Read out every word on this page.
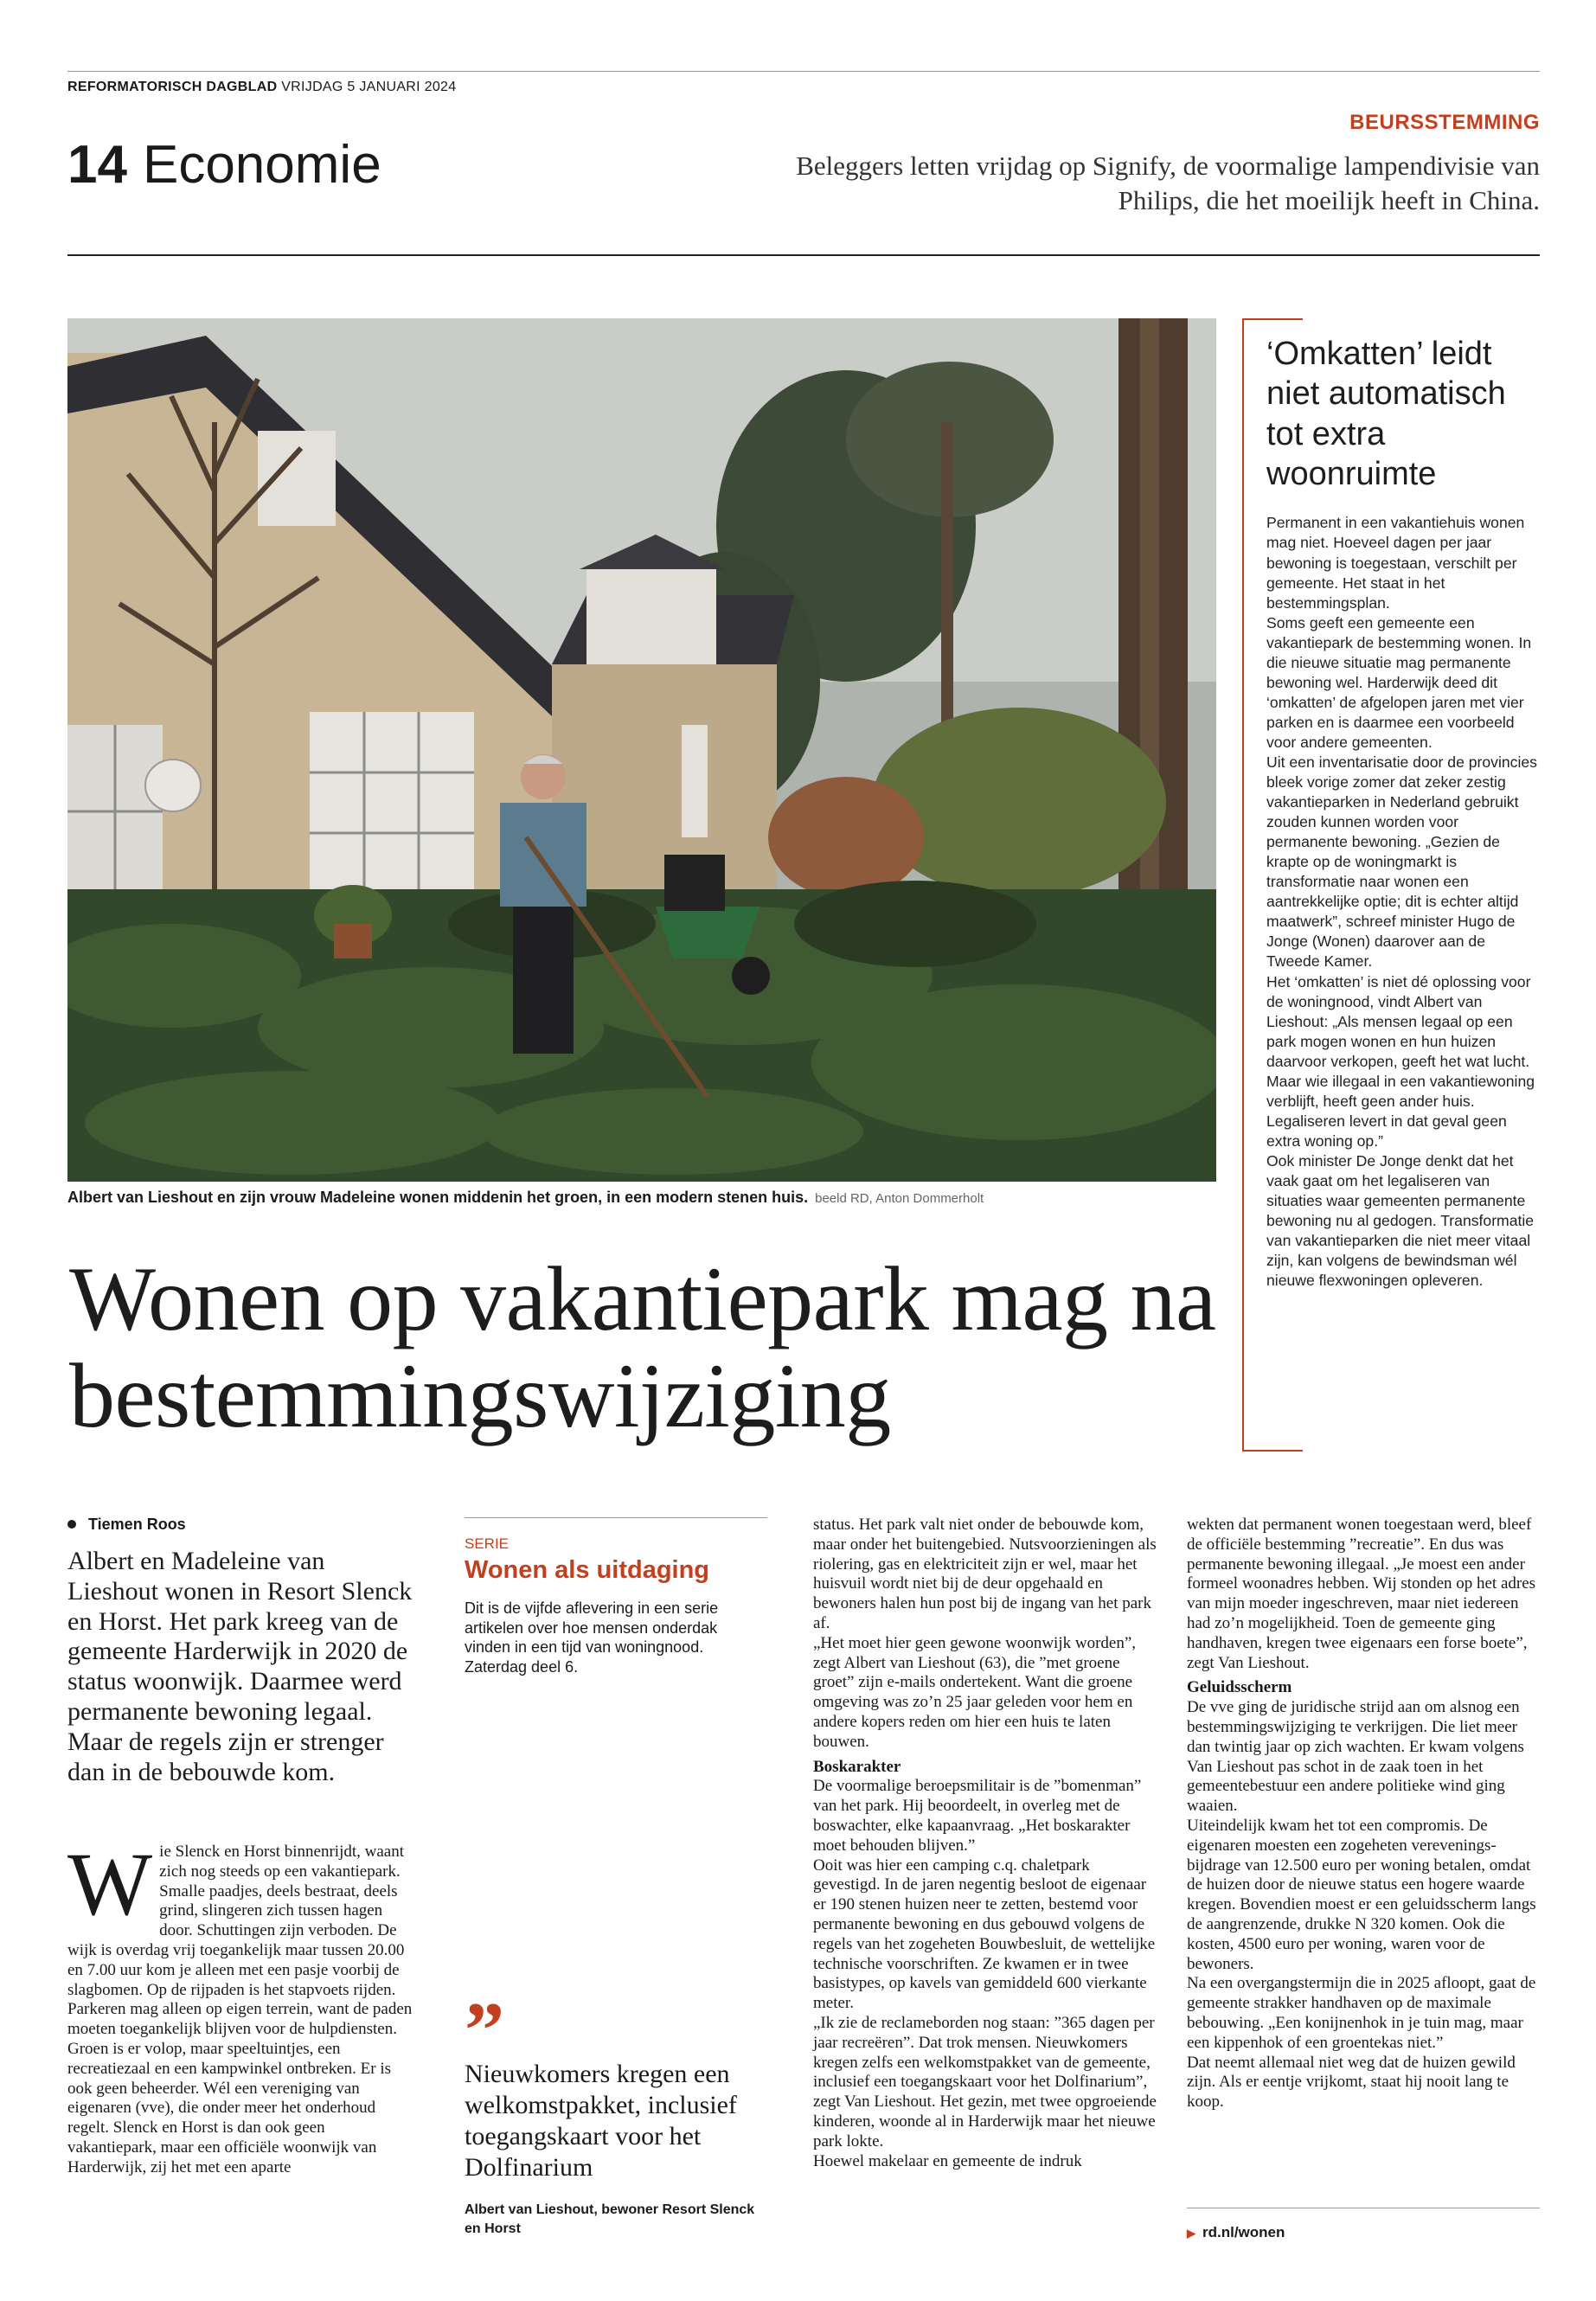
REFORMATORISCH DAGBLAD VRIJDAG 5 JANUARI 2024
14 Economie
BEURSSTEMMING
Beleggers letten vrijdag op Signify, de voormalige lampendivisie van Philips, die het moeilijk heeft in China.
Albert van Lieshout en zijn vrouw Madeleine wonen middenin het groen, in een modern stenen huis. beeld RD, Anton Dommerholt
Wonen op vakantiepark mag na bestemmingswijziging
‘Omkatten’ leidt niet automatisch tot extra woonruimte

Permanent in een vakantiehuis wonen mag niet. Hoeveel dagen per jaar bewoning is toegestaan, verschilt per gemeente. Het staat in het bestemmingsplan.
Soms geeft een gemeente een vakantiepark de bestemming wonen. In die nieuwe situatie mag permanente bewoning wel. Harderwijk deed dit ‘omkatten’ de afgelopen jaren met vier parken en is daarmee een voorbeeld voor andere gemeenten.
Uit een inventarisatie door de provincies bleek vorige zomer dat zeker zestig vakantieparken in Nederland gebruikt zouden kunnen worden voor permanente bewoning. „Gezien de krapte op de woningmarkt is transformatie naar wonen een aantrekkelijke optie; dit is echter altijd maatwerk”, schreef minister Hugo de Jonge (Wonen) daarover aan de Tweede Kamer.
Het ‘omkatten’ is niet dé oplossing voor de woningnood, vindt Albert van Lieshout: „Als mensen legaal op een park mogen wonen en hun huizen daarvoor verkopen, geeft het wat lucht. Maar wie illegaal in een vakantiewoning verblijft, heeft geen ander huis. Legaliseren levert in dat geval geen extra woning op.”
Ook minister De Jonge denkt dat het vaak gaat om het legaliseren van situaties waar gemeenten permanente bewoning nu al gedogen. Transformatie van vakantieparken die niet meer vitaal zijn, kan volgens de bewindsman wél nieuwe flexwoningen opleveren.

Tiemen Roos
Albert en Madeleine van Lieshout wonen in Resort Slenck en Horst. Het park kreeg van de gemeente Harderwijk in 2020 de status woonwijk. Daarmee werd permanente bewoning legaal. Maar de regels zijn er strenger dan in de bebouwde kom.
Wie Slenck en Horst binnenrijdt, waant zich nog steeds op een vakantiepark. Smalle paadjes, deels bestraat, deels grind, slingeren zich tussen hagen door. Schuttingen zijn verboden. De wijk is overdag vrij toegankelijk maar tussen 20.00 en 7.00 uur kom je alleen met een pasje voorbij de slagbomen. Op de rijpaden is het stapvoets rijden. Parkeren mag alleen op eigen terrein, want de paden moeten toegankelijk blijven voor de hulpdiensten.
Groen is er volop, maar speeltuintjes, een recreatiezaal en een kampwinkel ontbreken. Er is ook geen beheerder. Wél een vereniging van eigenaren (vve), die onder meer het onderhoud regelt. Slenck en Horst is dan ook geen vakantiepark, maar een officiële woonwijk van Harderwijk, zij het met een aparte
SERIE
Wonen als uitdaging
Dit is de vijfde aflevering in een serie artikelen over hoe mensen onderdak vinden in een tijd van woningnood. Zaterdag deel 6.
”
Nieuwkomers kregen een welkomstpakket, inclusief toegangskaart voor het Dolfinarium
Albert van Lieshout, bewoner Resort Slenck en Horst
status. Het park valt niet onder de bebouwde kom, maar onder het buitengebied. Nutsvoorzieningen als riolering, gas en elektriciteit zijn er wel, maar het huisvuil wordt niet bij de deur opgehaald en bewoners halen hun post bij de ingang van het park af.
„Het moet hier geen gewone woonwijk worden”, zegt Albert van Lieshout (63), die ”met groene groet” zijn e-mails ondertekent. Want die groene omgeving was zo’n 25 jaar geleden voor hem en andere kopers reden om hier een huis te laten bouwen.

Boskarakter
De voormalige beroepsmilitair is de ”bomenman” van het park. Hij beoordeelt, in overleg met de boswachter, elke kapaanvraag. „Het boskarakter moet behouden blijven.”
Ooit was hier een camping c.q. chaletpark gevestigd. In de jaren negentig besloot de eigenaar er 190 stenen huizen neer te zetten, bestemd voor permanente bewoning en dus gebouwd volgens de regels van het zogeheten Bouwbesluit, de wettelijke technische voorschriften. Ze kwamen er in twee basistypes, op kavels van gemiddeld 600 vierkante meter.
„Ik zie de reclameborden nog staan: ”365 dagen per jaar recreëren”. Dat trok mensen. Nieuwkomers kregen zelfs een welkomstpakket van de gemeente, inclusief een toegangskaart voor het Dolfinarium”, zegt Van Lieshout. Het gezin, met twee opgroeiende kinderen, woonde al in Harderwijk maar het nieuwe park lokte.
Hoewel makelaar en gemeente de indruk
wekten dat permanent wonen toegestaan werd, bleef de officiële bestemming ”recreatie”. En dus was permanente bewoning illegaal. „Je moest een ander formeel woonadres hebben. Wij stonden op het adres van mijn moeder ingeschreven, maar niet iedereen had zo’n mogelijkheid. Toen de gemeente ging handhaven, kregen twee eigenaars een forse boete”, zegt Van Lieshout.

Geluidsscherm
De vve ging de juridische strijd aan om alsnog een bestemmingswijziging te verkrijgen. Die liet meer dan twintig jaar op zich wachten. Er kwam volgens Van Lieshout pas schot in de zaak toen in het gemeentebestuur een andere politieke wind ging waaien.
Uiteindelijk kwam het tot een compromis. De eigenaren moesten een zogeheten vereveningsbijdrage van 12.500 euro per woning betalen, omdat de huizen door de nieuwe status een hogere waarde kregen. Bovendien moest er een geluidsscherm langs de aangrenzende, drukke N 320 komen. Ook die kosten, 4500 euro per woning, waren voor de bewoners.
Na een overgangstermijn die in 2025 afloopt, gaat de gemeente strakker handhaven op de maximale bebouwing. „Een konijnenhok in je tuin mag, maar een kippenhok of een groentekas niet.”
Dat neemt allemaal niet weg dat de huizen gewild zijn. Als er eentje vrijkomt, staat hij nooit lang te koop.
▶ rd.nl/wonen
